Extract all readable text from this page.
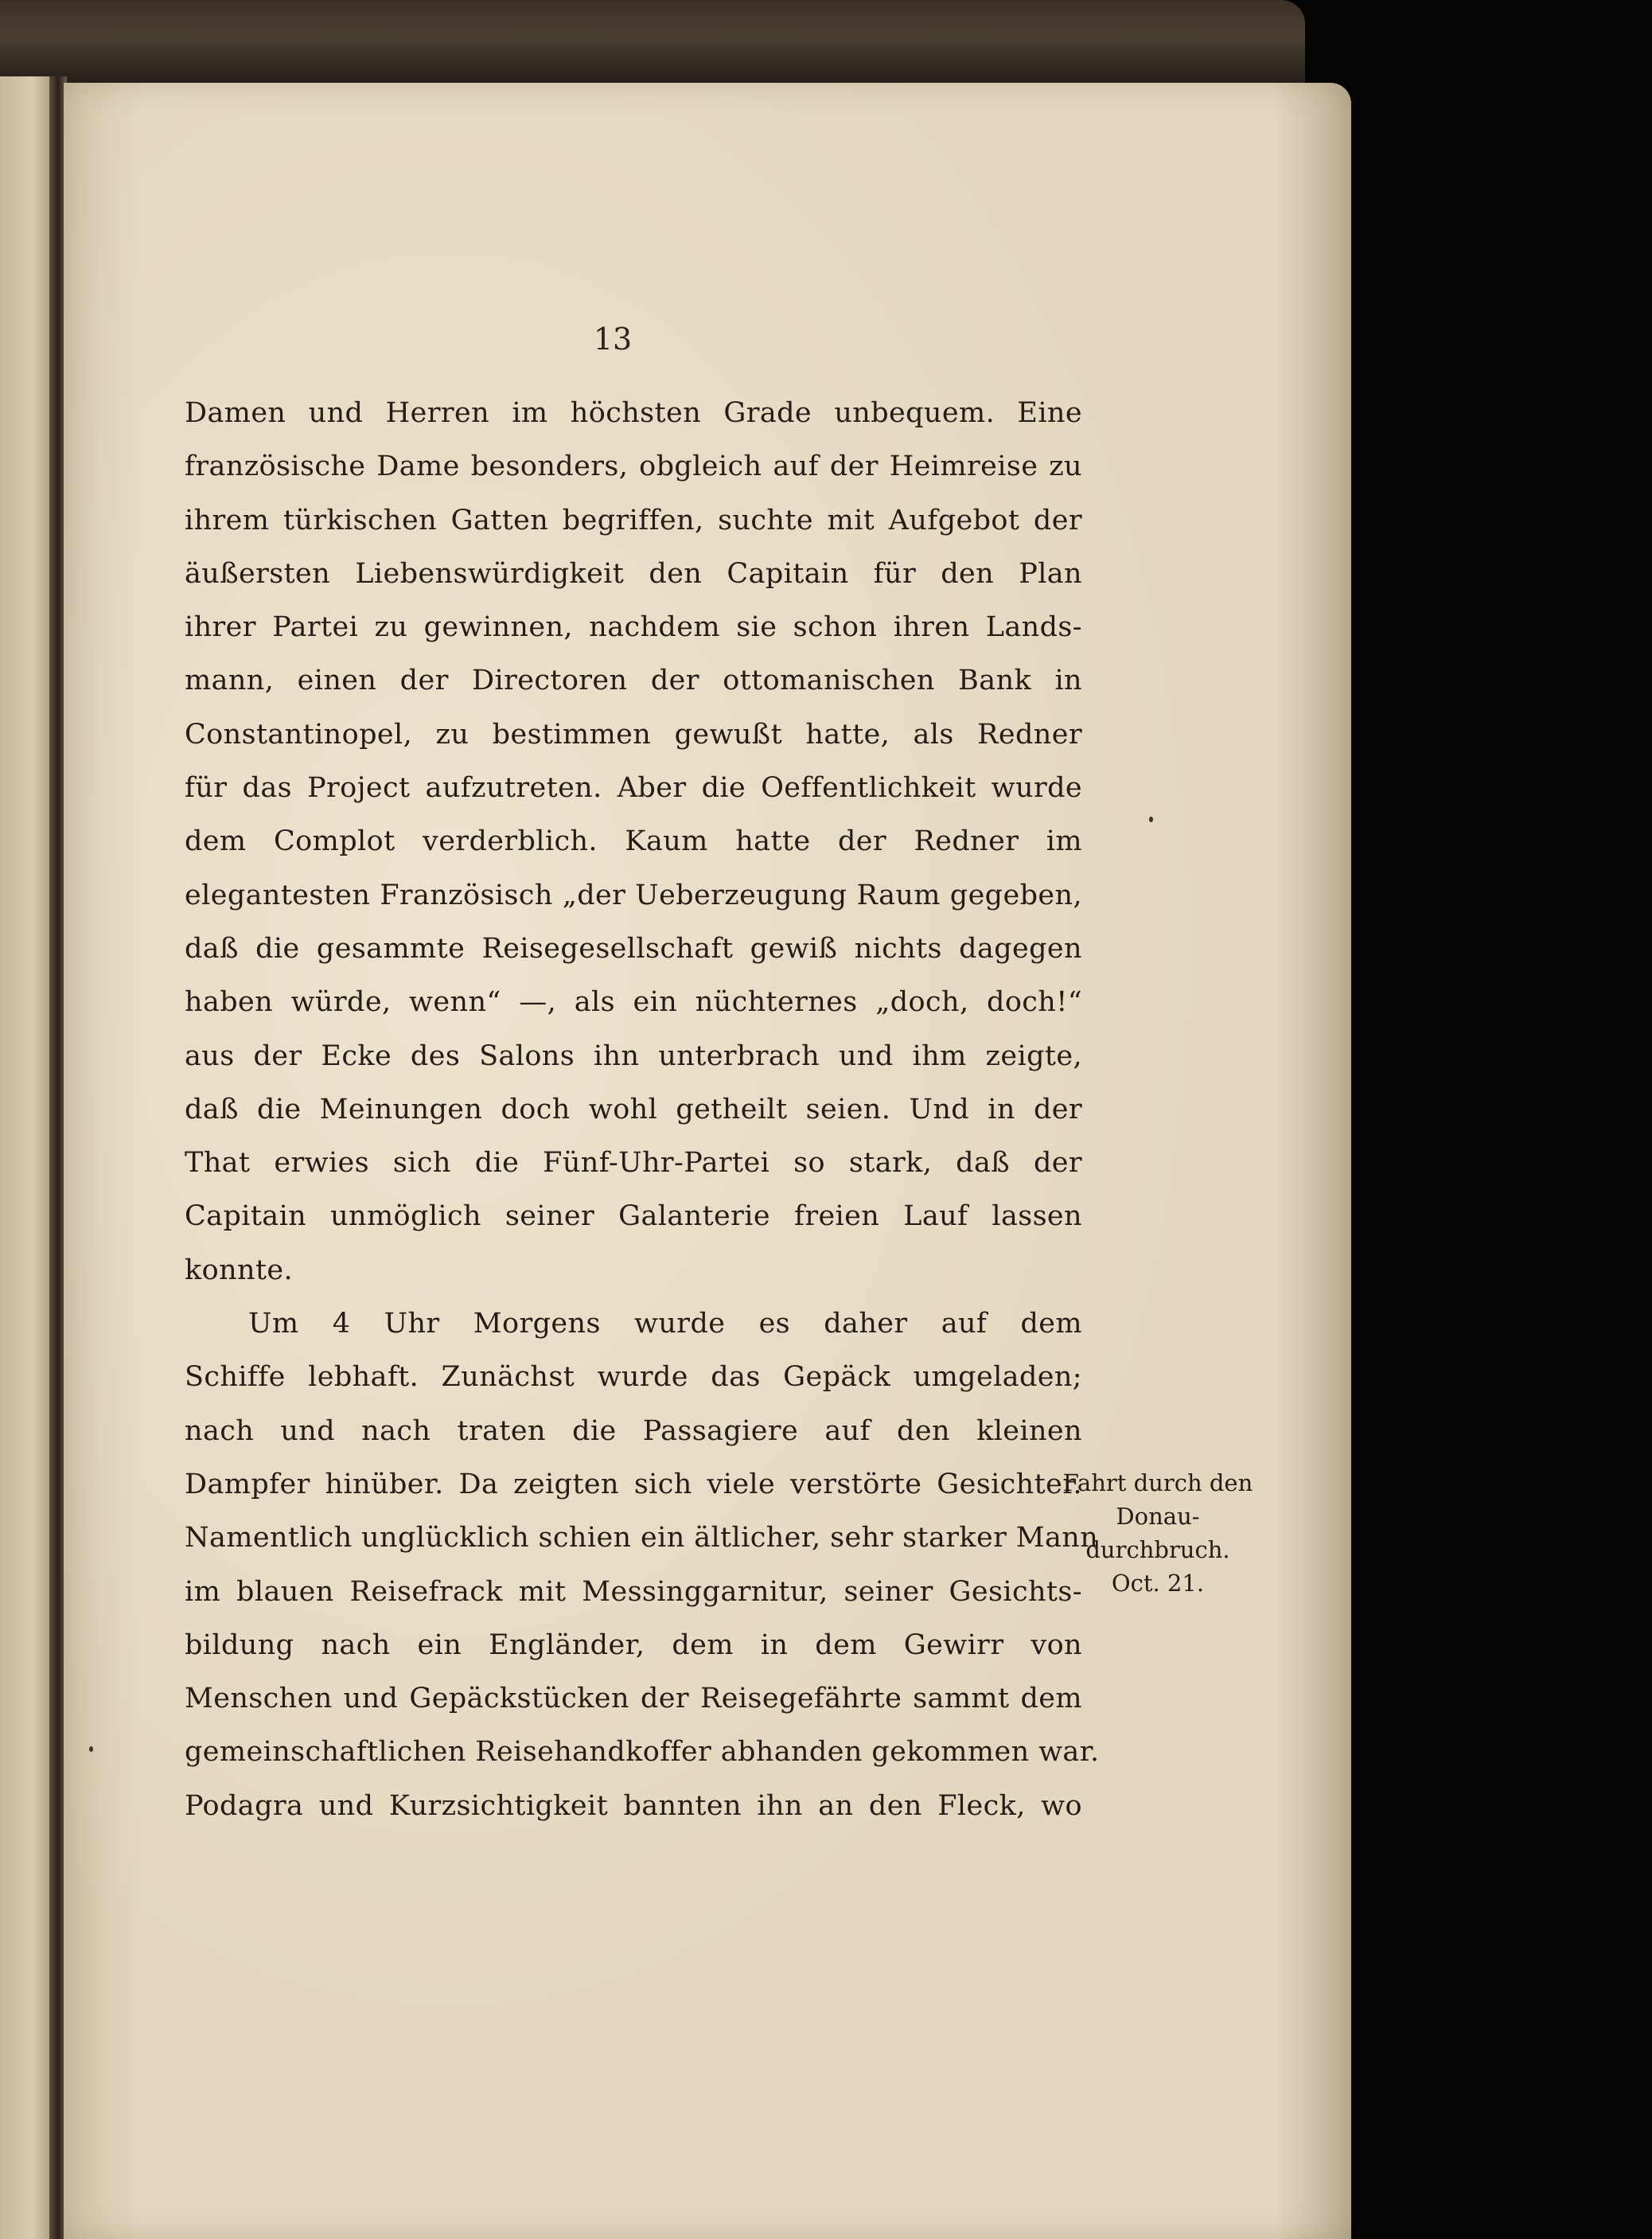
13

Damen und Herren im höchsten Grade unbequem. Eine
französische Dame besonders, obgleich auf der Heimreise zu
ihrem türkischen Gatten begriffen, suchte mit Aufgebot der
äußersten Liebenswürdigkeit den Capitain für den Plan
ihrer Partei zu gewinnen, nachdem sie schon ihren Lands-
mann, einen der Directoren der ottomanischen Bank in
Constantinopel, zu bestimmen gewußt hatte, als Redner
für das Project aufzutreten. Aber die Oeffentlichkeit wurde
dem Complot verderblich. Kaum hatte der Redner im
elegantesten Französisch „der Ueberzeugung Raum gegeben,
daß die gesammte Reisegesellschaft gewiß nichts dagegen
haben würde, wenn“ —, als ein nüchternes „doch, doch!“
aus der Ecke des Salons ihn unterbrach und ihm zeigte,
daß die Meinungen doch wohl getheilt seien. Und in der
That erwies sich die Fünf-Uhr-Partei so stark, daß der
Capitain unmöglich seiner Galanterie freien Lauf lassen
konnte.
Um 4 Uhr Morgens wurde es daher auf dem
Schiffe lebhaft. Zunächst wurde das Gepäck umgeladen;
nach und nach traten die Passagiere auf den kleinen
Dampfer hinüber. Da zeigten sich viele verstörte Gesichter.
Namentlich unglücklich schien ein ältlicher, sehr starker Mann
im blauen Reisefrack mit Messinggarnitur, seiner Gesichts-
bildung nach ein Engländer, dem in dem Gewirr von
Menschen und Gepäckstücken der Reisegefährte sammt dem
gemeinschaftlichen Reisehandkoffer abhanden gekommen war.
Podagra und Kurzsichtigkeit bannten ihn an den Fleck, wo
Fahrt durch den
Donau-
durchbruch.
Oct. 21.
